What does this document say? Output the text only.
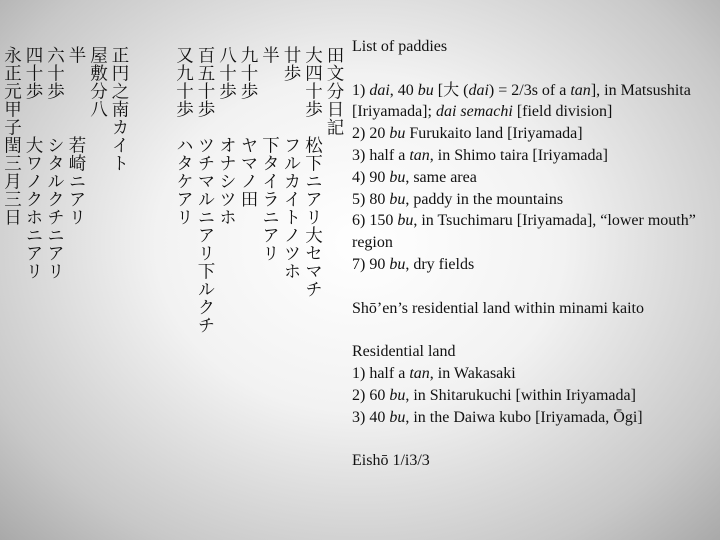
田文分日記
大四十歩　松下ニアリ大セマチ
廿歩　　　フルカイトノツホ
半　　　　下タイラニアリ
九十歩　　ヤマノ田
八十歩　　オナシツホ
百五十歩　ツチマルニアリ下ルクチ
又九十歩　ハタケアリ

正円之南カイト
屋敷分八
半　　　　若崎ニアリ
六十歩　　シタルクチニアリ
四十歩　　大ワノクホニアリ
永正元甲子閏三月三日	List of paddies

1) dai, 40 bu [大 (dai) = 2/3s of a tan], in Matsushita [Iriyamada]; dai semachi [field division]

2) 20 bu Furukaito land [Iriyamada]

3) half a tan, in Shimo taira [Iriyamada]

4) 90 bu, same area

5) 80 bu, paddy in the mountains

6) 150 bu, in Tsuchimaru [Iriyamada], “lower mouth” region

7) 90 bu, dry fields

Shō’en’s residential land within minami kaito

Residential land

1) half a tan, in Wakasaki

2) 60 bu, in Shitarukuchi [within Iriyamada]

3) 40 bu, in the Daiwa kubo [Iriyamada, Ōgi]

Eishō 1/i3/3
